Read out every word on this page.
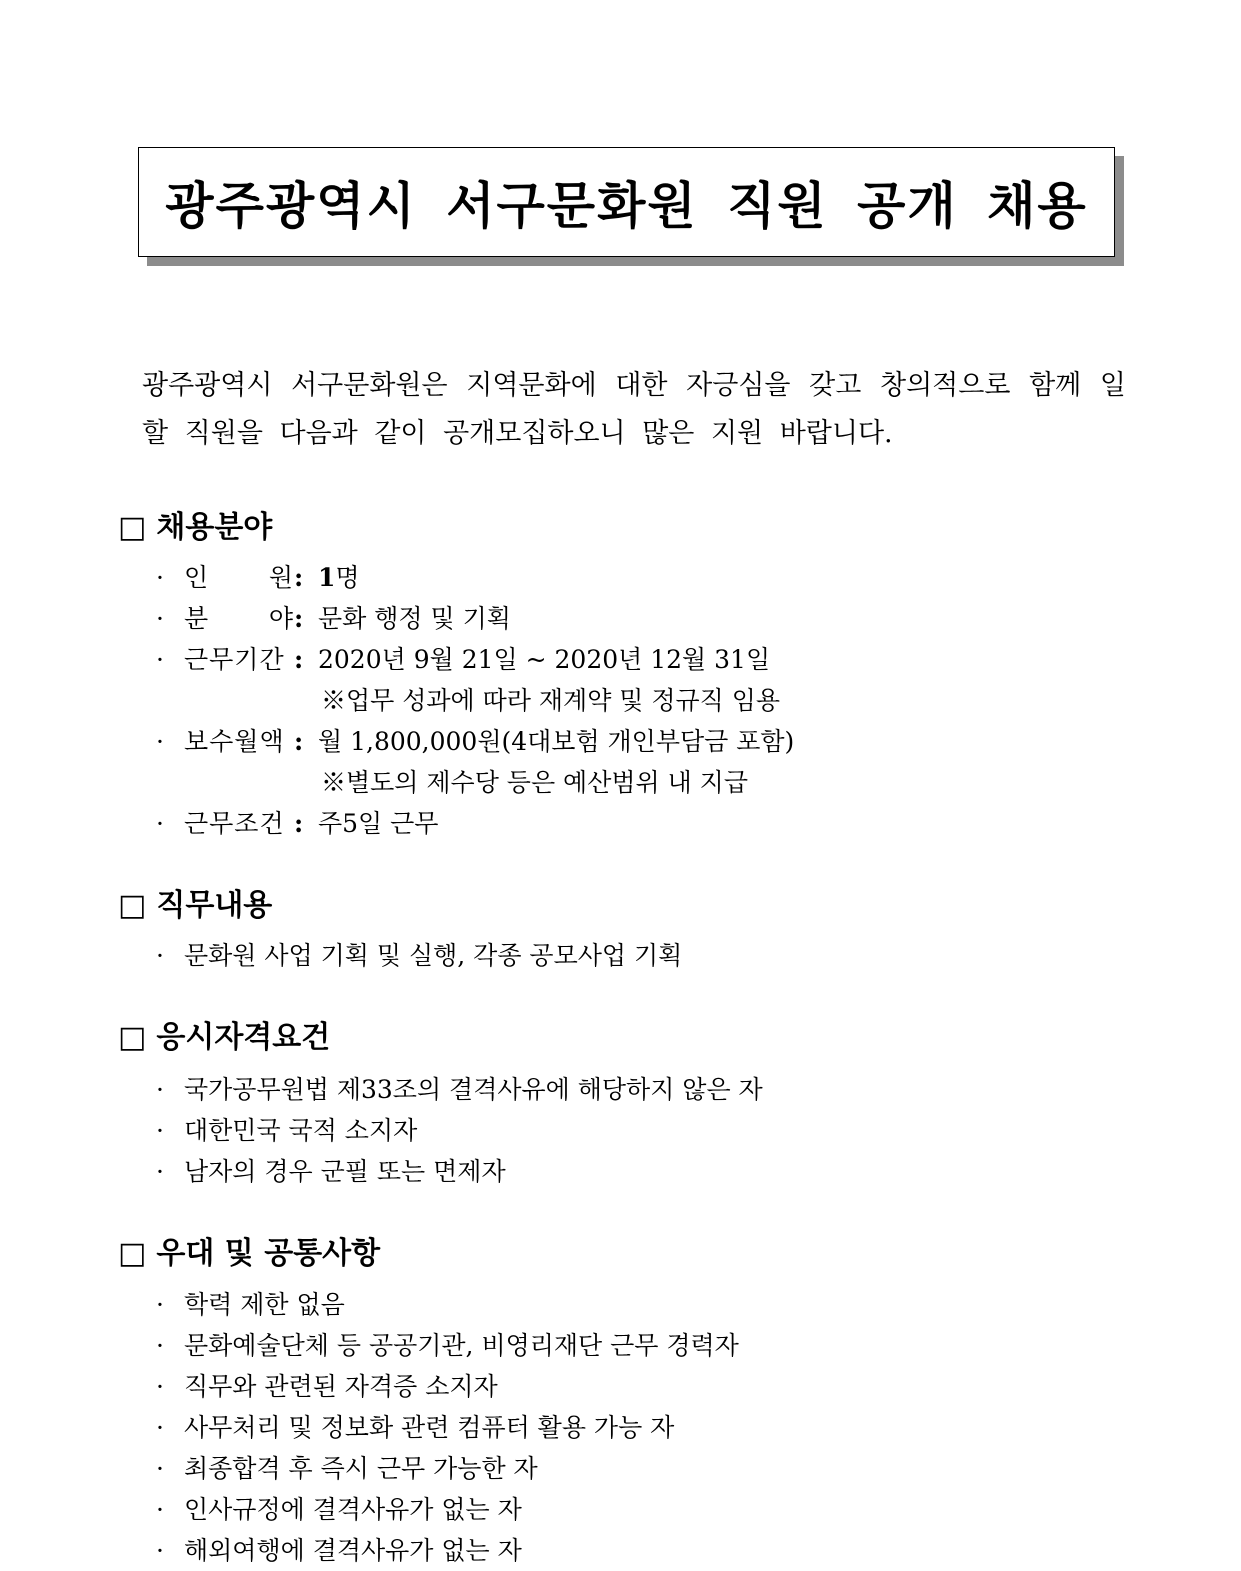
광주광역시 서구문화원 직원 공개 채용

광주광역시 서구문화원은 지역문화에 대한 자긍심을 갖고 창의적으로 함께 일할 직원을 다음과 같이 공개모집하오니 많은 지원 바랍니다.

□ 채용분야
· 인 원: 1명
· 분 야: 문화 행정 및 기획
· 근무기간 : 2020년 9월 21일 ~ 2020년 12월 31일
※업무 성과에 따라 재계약 및 정규직 임용
· 보수월액 : 월 1,800,000원(4대보험 개인부담금 포함)
※별도의 제수당 등은 예산범위 내 지급
· 근무조건 : 주5일 근무
□ 직무내용
· 문화원 사업 기획 및 실행, 각종 공모사업 기획
□ 응시자격요건
· 국가공무원법 제33조의 결격사유에 해당하지 않은 자
· 대한민국 국적 소지자
· 남자의 경우 군필 또는 면제자
□ 우대 및 공통사항
· 학력 제한 없음
· 문화예술단체 등 공공기관, 비영리재단 근무 경력자
· 직무와 관련된 자격증 소지자
· 사무처리 및 정보화 관련 컴퓨터 활용 가능 자
· 최종합격 후 즉시 근무 가능한 자
· 인사규정에 결격사유가 없는 자
· 해외여행에 결격사유가 없는 자
